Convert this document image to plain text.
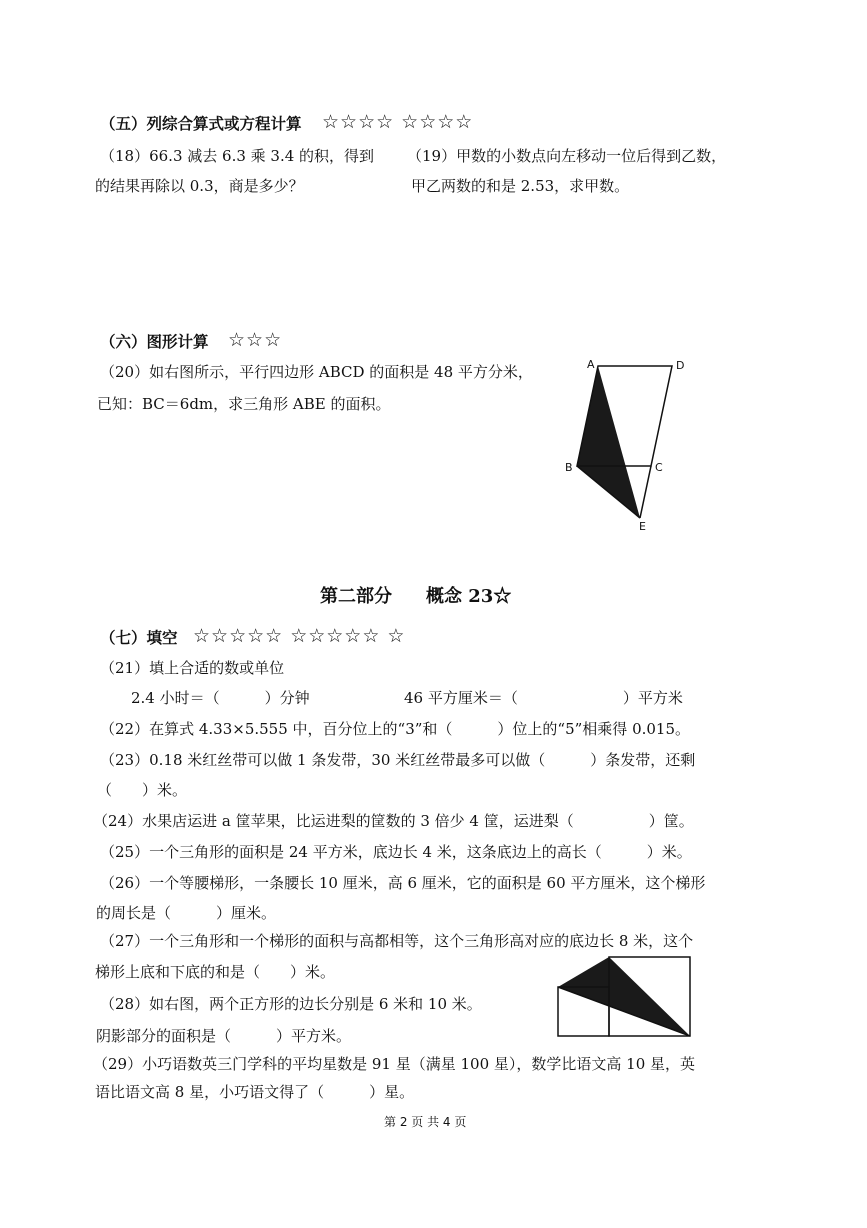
（五）列综合算式或方程计算 ☆☆☆☆ ☆☆☆☆
（18）66.3 减去 6.3 乘 3.4 的积，得到
的结果再除以 0.3，商是多少？
（19）甲数的小数点向左移动一位后得到乙数，
甲乙两数的和是 2.53，求甲数。
（六）图形计算 ☆☆☆
（20）如右图所示，平行四边形 ABCD 的面积是 48 平方分米，
已知：BC＝6dm，求三角形 ABE 的面积。
A	D
B	C
E
第二部分 概念 23☆
（七）填空 ☆☆☆☆☆ ☆☆☆☆☆ ☆
（21）填上合适的数或单位
2.4 小时＝（　　　）分钟	46 平方厘米＝（　　　　　　　）平方米
（22）在算式 4.33×5.555 中，百分位上的“3”和（　　　）位上的“5”相乘得 0.015。
（23）0.18 米红丝带可以做 1 条发带，30 米红丝带最多可以做（　　　）条发带，还剩
（　　）米。
（24）水果店运进 a 筐苹果，比运进梨的筐数的 3 倍少 4 筐，运进梨（　　　　　）筐。
（25）一个三角形的面积是 24 平方米，底边长 4 米，这条底边上的高长（　　　）米。
（26）一个等腰梯形，一条腰长 10 厘米，高 6 厘米，它的面积是 60 平方厘米，这个梯形
的周长是（　　　）厘米。
（27）一个三角形和一个梯形的面积与高都相等，这个三角形高对应的底边长 8 米，这个
梯形上底和下底的和是（　　）米。
（28）如右图，两个正方形的边长分别是 6 米和 10 米。
阴影部分的面积是（　　　）平方米。
（29）小巧语数英三门学科的平均星数是 91 星（满星 100 星），数学比语文高 10 星，英
语比语文高 8 星，小巧语文得了（　　　）星。
第 2 页 共 4 页
